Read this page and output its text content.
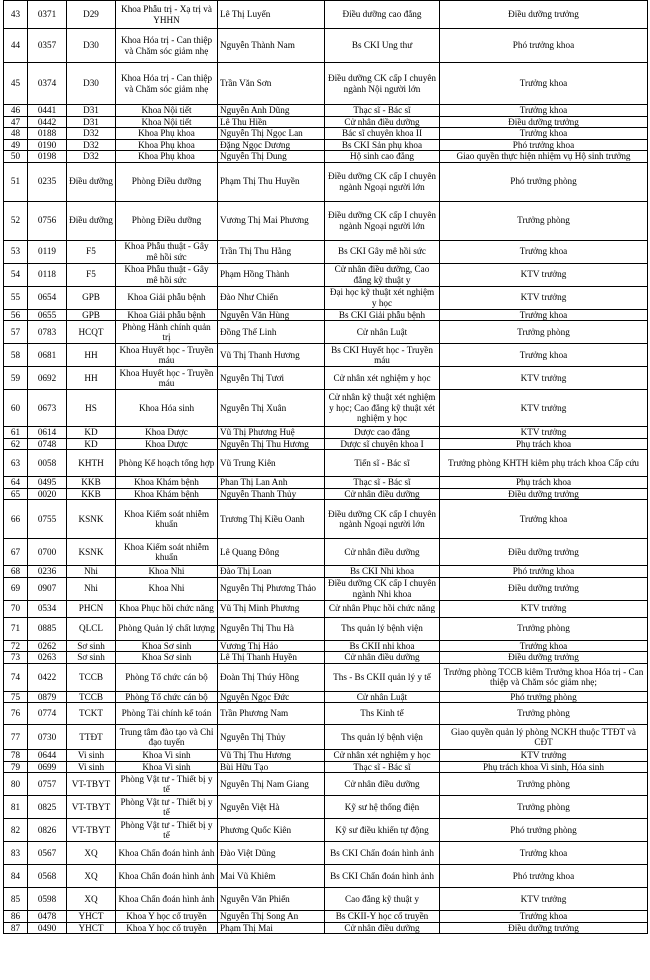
43	0371	D29	Khoa Phẫu trị - Xạ trị và YHHN	Lê Thị Luyến	Điều dưỡng cao đẳng	Điều dưỡng trưởng
44	0357	D30	Khoa Hóa trị - Can thiệp và Chăm sóc giảm nhẹ	Nguyễn Thành Nam	Bs CKI Ung thư	Phó trưởng khoa
45	0374	D30	Khoa Hóa trị - Can thiệp và Chăm sóc giảm nhẹ	Trần Văn Sơn	Điều dưỡng CK cấp I chuyên ngành Nội người lớn	Trưởng khoa
46	0441	D31	Khoa Nội tiết	Nguyễn Anh Dũng	Thạc sĩ - Bác sĩ	Trưởng khoa
47	0442	D31	Khoa Nội tiết	Lê Thu Hiền	Cử nhân điều dưỡng	Điều dưỡng trưởng
48	0188	D32	Khoa Phụ khoa	Nguyễn Thị Ngọc Lan	Bác sĩ chuyên khoa II	Trưởng khoa
49	0190	D32	Khoa Phụ khoa	Đặng Ngọc Dương	Bs CKI Sản phụ khoa	Phó trưởng khoa
50	0198	D32	Khoa Phụ khoa	Nguyễn Thị Dung	Hộ sinh cao đẳng	Giao quyền thực hiện nhiệm vụ Hộ sinh trưởng
51	0235	Điều dưỡng	Phòng Điều dưỡng	Phạm Thị Thu Huyền	Điều dưỡng CK cấp I chuyên ngành Ngoại người lớn	Phó trưởng phòng
52	0756	Điều dưỡng	Phòng Điều dưỡng	Vương Thị Mai Phương	Điều dưỡng CK cấp I chuyên ngành Ngoại người lớn	Trưởng phòng
53	0119	F5	Khoa Phẫu thuật - Gây mê hồi sức	Trần Thị Thu Hằng	Bs CKI Gây mê hồi sức	Trưởng khoa
54	0118	F5	Khoa Phẫu thuật - Gây mê hồi sức	Phạm Hồng Thành	Cử nhân điều dưỡng, Cao đẳng kỹ thuật y	KTV trưởng
55	0654	GPB	Khoa Giải phẫu bệnh	Đào Như Chiến	Đại học kỹ thuật xét nghiệm y học	KTV trưởng
56	0655	GPB	Khoa Giải phẫu bệnh	Nguyễn Văn Hùng	Bs CKI Giải phẫu bệnh	Trưởng khoa
57	0783	HCQT	Phòng Hành chính quản trị	Đồng Thế Linh	Cử nhân Luật	Trưởng phòng
58	0681	HH	Khoa Huyết học - Truyền máu	Vũ Thị Thanh Hương	Bs CKI Huyết học - Truyền máu	Trưởng khoa
59	0692	HH	Khoa Huyết học - Truyền máu	Nguyễn Thị Tươi	Cử nhân xét nghiệm y học	KTV trưởng
60	0673	HS	Khoa Hóa sinh	Nguyễn Thị Xuân	Cử nhân kỹ thuật xét nghiệm y học; Cao đẳng kỹ thuật xét nghiệm y học	KTV trưởng
61	0614	KD	Khoa Dược	Vũ Thị Phương Huệ	Dược cao đẳng	KTV trưởng
62	0748	KD	Khoa Dược	Nguyễn Thị Thu Hương	Dược sĩ chuyên khoa I	Phụ trách khoa
63	0058	KHTH	Phòng Kế hoạch tổng hợp	Vũ Trung Kiên	Tiến sĩ - Bác sĩ	Trưởng phòng KHTH kiêm phụ trách khoa Cấp cứu
64	0495	KKB	Khoa Khám bệnh	Phan Thị Lan Anh	Thạc sĩ - Bác sĩ	Phụ trách khoa
65	0020	KKB	Khoa Khám bệnh	Nguyễn Thanh Thủy	Cử nhân điều dưỡng	Điều dưỡng trưởng
66	0755	KSNK	Khoa Kiểm soát nhiễm khuẩn	Trương Thị Kiều Oanh	Điều dưỡng CK cấp I chuyên ngành Ngoại người lớn	Trưởng khoa
67	0700	KSNK	Khoa Kiểm soát nhiễm khuẩn	Lê Quang Đông	Cử nhân điều dưỡng	Điều dưỡng trưởng
68	0236	Nhi	Khoa Nhi	Đào Thị Loan	Bs CKI Nhi khoa	Phó trưởng khoa
69	0907	Nhi	Khoa Nhi	Nguyễn Thị Phương Thảo	Điều dưỡng CK cấp I chuyên ngành Nhi khoa	Điều dưỡng trưởng
70	0534	PHCN	Khoa Phục hồi chức năng	Vũ Thị Minh Phương	Cử nhân Phục hồi chức năng	KTV trưởng
71	0885	QLCL	Phòng Quản lý chất lượng	Nguyễn Thị Thu Hà	Ths quản lý bệnh viện	Trưởng phòng
72	0262	Sơ sinh	Khoa Sơ sinh	Vương Thị Hảo	Bs CKII nhi khoa	Trưởng khoa
73	0263	Sơ sinh	Khoa Sơ sinh	Lê Thị Thanh Huyền	Cử nhân điều dưỡng	Điều dưỡng trưởng
74	0422	TCCB	Phòng Tổ chức cán bộ	Đoàn Thị Thúy Hồng	Ths - Bs CKII quản lý y tế	Trưởng phòng TCCB kiêm Trưởng khoa Hóa trị - Can thiệp và Chăm sóc giảm nhẹ;
75	0879	TCCB	Phòng Tổ chức cán bộ	Nguyễn Ngọc Đức	Cử nhân Luật	Phó trưởng phòng
76	0774	TCKT	Phòng Tài chính kế toán	Trần Phương Nam	Ths Kinh tế	Trưởng phòng
77	0730	TTĐT	Trung tâm đào tạo và Chỉ đạo tuyến	Nguyễn Thị Thủy	Ths quản lý bệnh viện	Giao quyền quản lý phòng NCKH thuộc TTĐT và CĐT
78	0644	Vi sinh	Khoa Vi sinh	Vũ Thị Thu Hương	Cử nhân xét nghiệm y học	KTV trưởng
79	0699	Vi sinh	Khoa Vi sinh	Bùi Hữu Tạo	Thạc sĩ - Bác sĩ	Phụ trách khoa Vi sinh, Hóa sinh
80	0757	VT-TBYT	Phòng Vật tư - Thiết bị y tế	Nguyễn Thị Nam Giang	Cử nhân điều dưỡng	Trưởng phòng
81	0825	VT-TBYT	Phòng Vật tư - Thiết bị y tế	Nguyễn Việt Hà	Kỹ sư hệ thống điện	Trưởng phòng
82	0826	VT-TBYT	Phòng Vật tư - Thiết bị y tế	Phương Quốc Kiên	Kỹ sư điều khiển tự động	Phó trưởng phòng
83	0567	XQ	Khoa Chẩn đoán hình ảnh	Đào Việt Dũng	Bs CKI Chẩn đoán hình ảnh	Trưởng khoa
84	0568	XQ	Khoa Chẩn đoán hình ảnh	Mai Vũ Khiêm	Bs CKI Chẩn đoán hình ảnh	Phó trưởng khoa
85	0598	XQ	Khoa Chẩn đoán hình ảnh	Nguyễn Văn Phiến	Cao đẳng kỹ thuật y	KTV trưởng
86	0478	YHCT	Khoa Y học cổ truyền	Nguyễn Thị Song An	Bs CKII-Y học cổ truyền	Trưởng khoa
87	0490	YHCT	Khoa Y học cổ truyền	Phạm Thị Mai	Cử nhân điều dưỡng	Điều dưỡng trưởng
